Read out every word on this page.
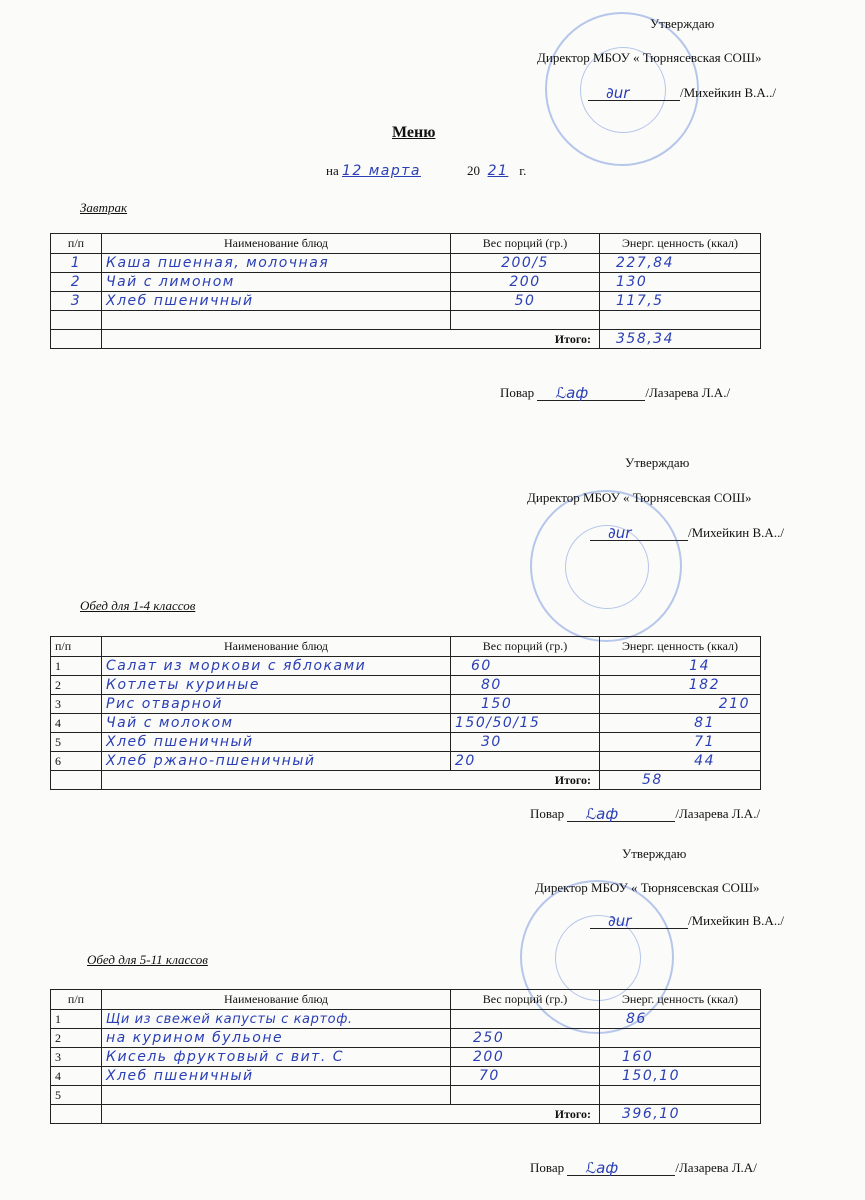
Утверждаю
Директор МБОУ « Тюрнясевская СОШ»
∂ur	/Михейкин В.А../
Меню
на 12 марта	20 21 г.
Завтрак
п/п	Наименование блюд	Вес порций (гр.)	Энерг. ценность (ккал)
1	Каша пшенная, молочная	200/5	227,84
2	Чай с лимоном	200	130
3	Хлеб пшеничный	50	117,5

	Итого:		358,34
Повар ℒaф	/Лазарева Л.А./
Утверждаю
Директор МБОУ « Тюрнясевская СОШ»
∂ur	/Михейкин В.А../
Обед для 1-4 классов
п/п	Наименование блюд	Вес порций (гр.)	Энерг. ценность (ккал)
1	Салат из моркови с яблоками	60	14
2	Котлеты куриные	80	182
3	Рис отварной	150	210
4	Чай с молоком	150/50/15	81
5	Хлеб пшеничный	30	71
6	Хлеб ржано-пшеничный	20	44
	Итого:		58
Повар ℒaф	/Лазарева Л.А./
Утверждаю
Директор МБОУ « Тюрнясевская СОШ»
∂ur	/Михейкин В.А../
Обед для 5-11 классов
п/п	Наименование блюд	Вес порций (гр.)	Энерг. ценность (ккал)
1	Щи из свежей капусты с картоф.		86
2	на курином бульоне	250	
3	Кисель фруктовый с вит. С	200	160
4	Хлеб пшеничный	70	150,10
5			
	Итого:		396,10
Повар ℒaф	/Лазарева Л.А/
